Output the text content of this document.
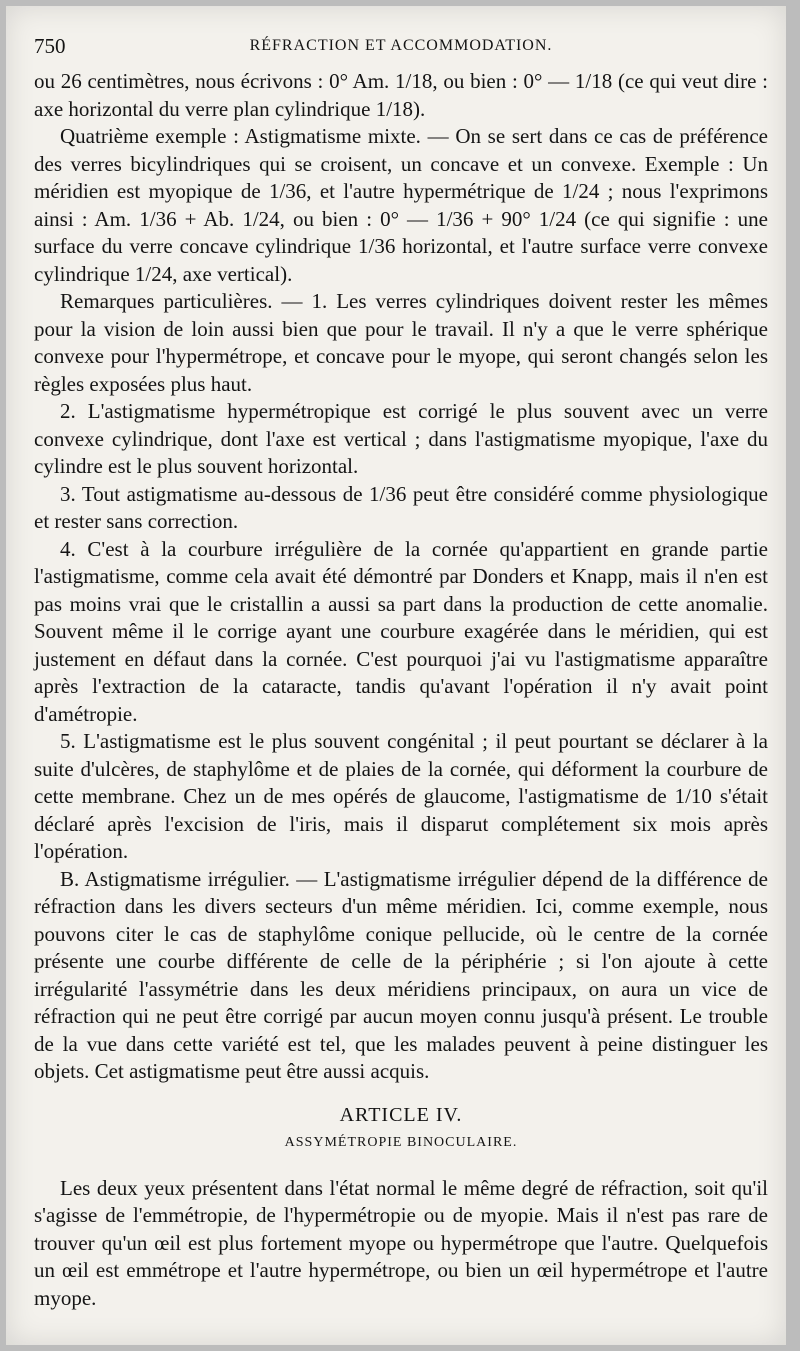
750	RÉFRACTION ET ACCOMMODATION.

ou 26 centimètres, nous écrivons : 0° Am. 1/18, ou bien : 0° — 1/18 (ce qui veut dire : axe horizontal du verre plan cylindrique 1/18).

Quatrième exemple : Astigmatisme mixte. — On se sert dans ce cas de préférence des verres bicylindriques qui se croisent, un concave et un convexe. Exemple : Un méridien est myopique de 1/36, et l'autre hypermétrique de 1/24 ; nous l'exprimons ainsi : Am. 1/36 + Ab. 1/24, ou bien : 0° — 1/36 + 90° 1/24 (ce qui signifie : une surface du verre concave cylindrique 1/36 horizontal, et l'autre surface verre convexe cylindrique 1/24, axe vertical).

Remarques particulières. — 1. Les verres cylindriques doivent rester les mêmes pour la vision de loin aussi bien que pour le travail. Il n'y a que le verre sphérique convexe pour l'hypermétrope, et concave pour le myope, qui seront changés selon les règles exposées plus haut.

2. L'astigmatisme hypermétropique est corrigé le plus souvent avec un verre convexe cylindrique, dont l'axe est vertical ; dans l'astigmatisme myopique, l'axe du cylindre est le plus souvent horizontal.

3. Tout astigmatisme au-dessous de 1/36 peut être considéré comme physiologique et rester sans correction.

4. C'est à la courbure irrégulière de la cornée qu'appartient en grande partie l'astigmatisme, comme cela avait été démontré par Donders et Knapp, mais il n'en est pas moins vrai que le cristallin a aussi sa part dans la production de cette anomalie. Souvent même il le corrige ayant une courbure exagérée dans le méridien, qui est justement en défaut dans la cornée. C'est pourquoi j'ai vu l'astigmatisme apparaître après l'extraction de la cataracte, tandis qu'avant l'opération il n'y avait point d'amétropie.

5. L'astigmatisme est le plus souvent congénital ; il peut pourtant se déclarer à la suite d'ulcères, de staphylôme et de plaies de la cornée, qui déforment la courbure de cette membrane. Chez un de mes opérés de glaucome, l'astigmatisme de 1/10 s'était déclaré après l'excision de l'iris, mais il disparut complétement six mois après l'opération.

B. Astigmatisme irrégulier. — L'astigmatisme irrégulier dépend de la différence de réfraction dans les divers secteurs d'un même méridien. Ici, comme exemple, nous pouvons citer le cas de staphylôme conique pellucide, où le centre de la cornée présente une courbe différente de celle de la périphérie ; si l'on ajoute à cette irrégularité l'assymétrie dans les deux méridiens principaux, on aura un vice de réfraction qui ne peut être corrigé par aucun moyen connu jusqu'à présent. Le trouble de la vue dans cette variété est tel, que les malades peuvent à peine distinguer les objets. Cet astigmatisme peut être aussi acquis.

ARTICLE IV.
ASSYMÉTROPIE BINOCULAIRE.

Les deux yeux présentent dans l'état normal le même degré de réfraction, soit qu'il s'agisse de l'emmétropie, de l'hypermétropie ou de myopie. Mais il n'est pas rare de trouver qu'un œil est plus fortement myope ou hypermétrope que l'autre. Quelquefois un œil est emmétrope et l'autre hypermétrope, ou bien un œil hypermétrope et l'autre myope.
